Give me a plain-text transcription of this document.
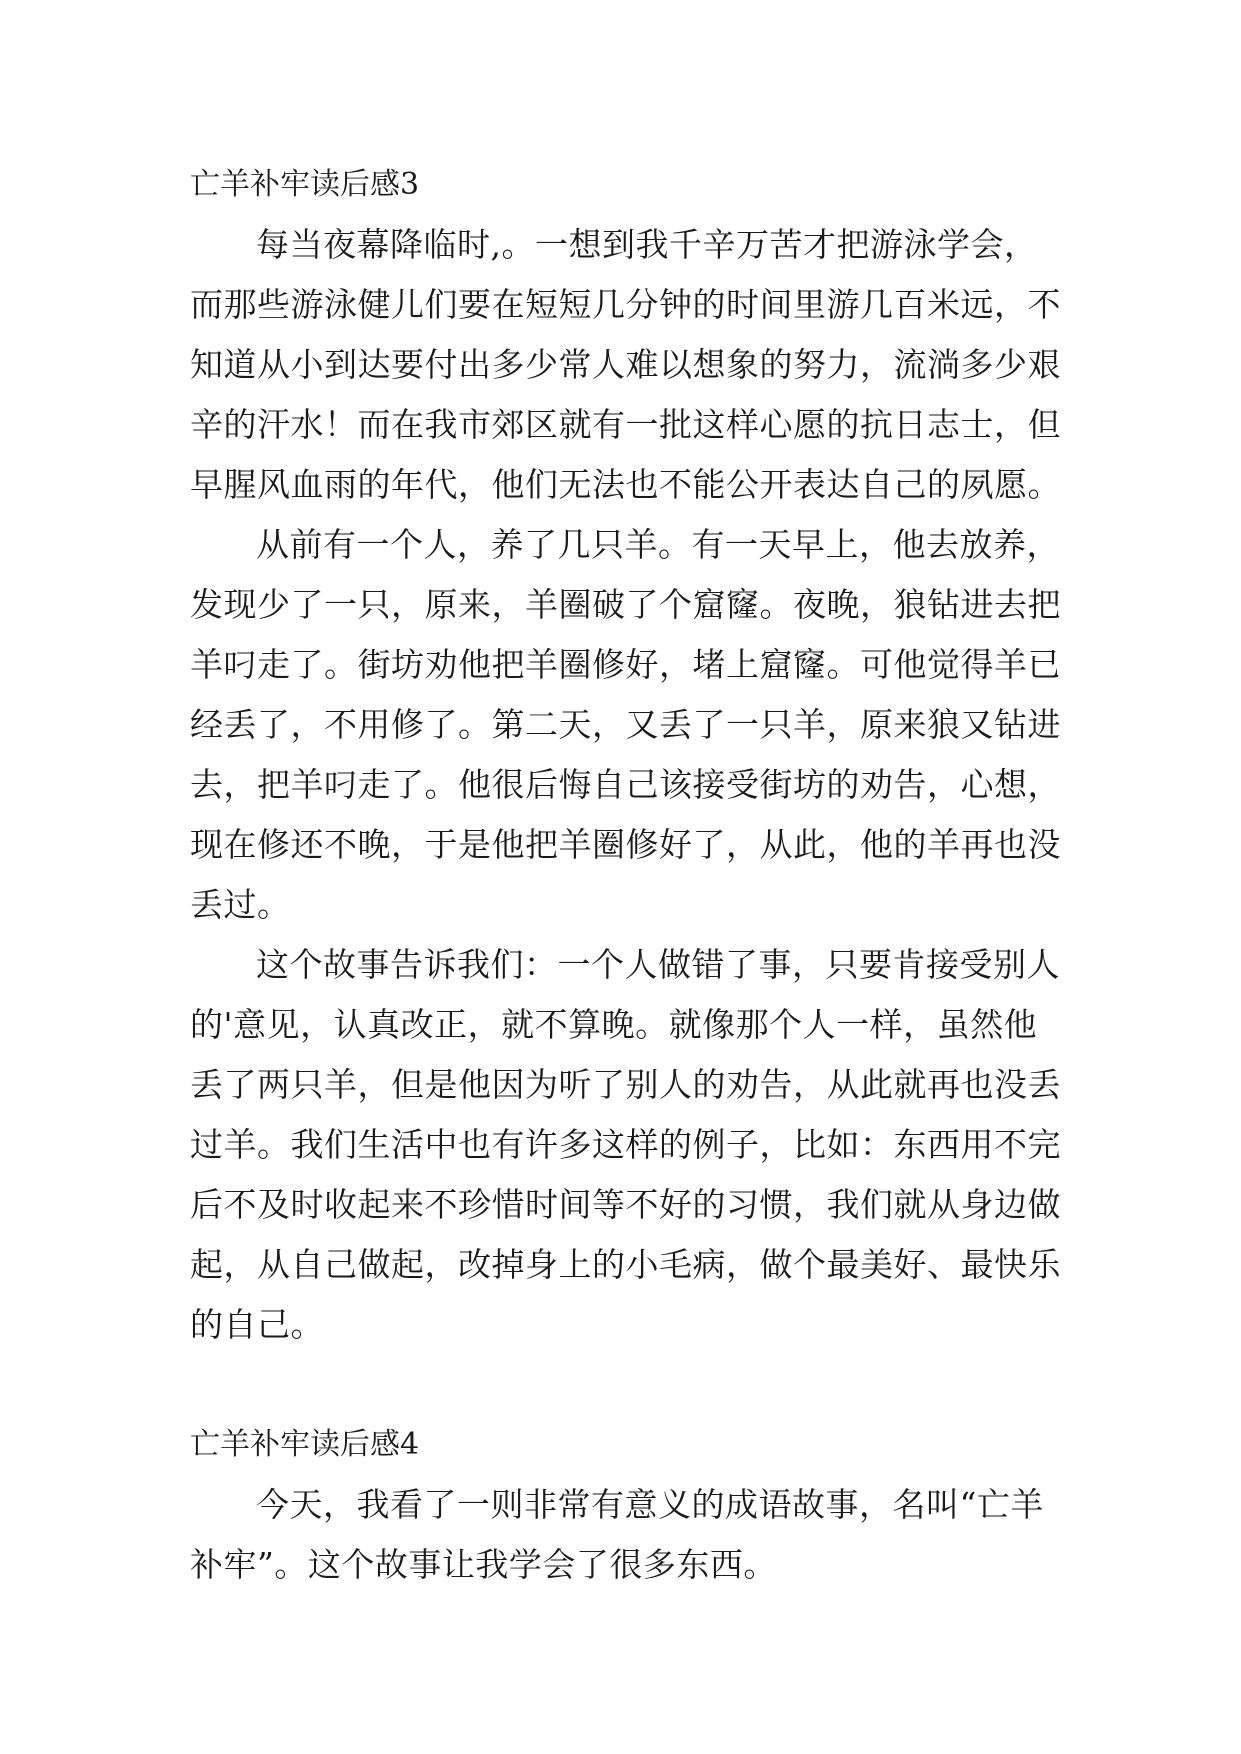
亡羊补牢读后感3
每当夜幕降临时,。一想到我千辛万苦才把游泳学会，
而那些游泳健儿们要在短短几分钟的时间里游几百米远，不
知道从小到达要付出多少常人难以想象的努力，流淌多少艰
辛的汗水！而在我市郊区就有一批这样心愿的抗日志士，但
早腥风血雨的年代，他们无法也不能公开表达自己的夙愿。
从前有一个人，养了几只羊。有一天早上，他去放养，
发现少了一只，原来，羊圈破了个窟窿。夜晚，狼钻进去把
羊叼走了。街坊劝他把羊圈修好，堵上窟窿。可他觉得羊已
经丢了，不用修了。第二天，又丢了一只羊，原来狼又钻进
去，把羊叼走了。他很后悔自己该接受街坊的劝告，心想，
现在修还不晚，于是他把羊圈修好了，从此，他的羊再也没
丢过。
这个故事告诉我们：一个人做错了事，只要肯接受别人
的'意见，认真改正，就不算晚。就像那个人一样，虽然他
丢了两只羊，但是他因为听了别人的劝告，从此就再也没丢
过羊。我们生活中也有许多这样的例子，比如：东西用不完
后不及时收起来不珍惜时间等不好的习惯，我们就从身边做
起，从自己做起，改掉身上的小毛病，做个最美好、最快乐
的自己。
亡羊补牢读后感4
今天，我看了一则非常有意义的成语故事，名叫“亡羊
补牢”。这个故事让我学会了很多东西。
